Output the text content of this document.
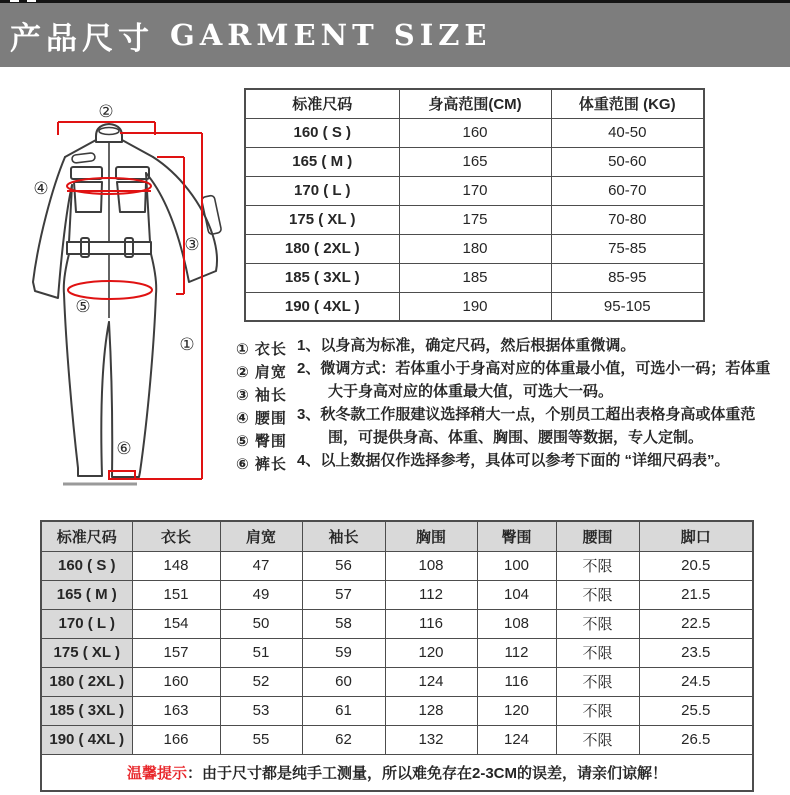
产品尺寸 GARMENT SIZE
②
④
③
⑤
①
⑥
标准尺码	身高范围(CM)	体重范围 (KG)
160 ( S )	160	40-50
165 ( M )	165	50-60
170 ( L )	170	60-70
175 ( XL )	175	70-80
180 ( 2XL )	180	75-85
185 ( 3XL )	185	85-95
190 ( 4XL )	190	95-105
① 衣长
② 肩宽
③ 袖长
④ 腰围
⑤ 臀围
⑥ 裤长
1、以身高为标准，确定尺码，然后根据体重微调。
2、微调方式：若体重小于身高对应的体重最小值，可选小一码；若体重大于身高对应的体重最大值，可选大一码。
3、秋冬款工作服建议选择稍大一点，个别员工超出表格身高或体重范围，可提供身高、体重、胸围、腰围等数据，专人定制。
4、以上数据仅作选择参考，具体可以参考下面的 “详细尺码表”。
标准尺码	衣长	肩宽	袖长	胸围	臀围	腰围	脚口
160 ( S )	148	47	56	108	100	不限	20.5
165 ( M )	151	49	57	112	104	不限	21.5
170 ( L )	154	50	58	116	108	不限	22.5
175 ( XL )	157	51	59	120	112	不限	23.5
180 ( 2XL )	160	52	60	124	116	不限	24.5
185 ( 3XL )	163	53	61	128	120	不限	25.5
190 ( 4XL )	166	55	62	132	124	不限	26.5
温馨提示：由于尺寸都是纯手工测量，所以难免存在2-3CM的误差，请亲们谅解！							
